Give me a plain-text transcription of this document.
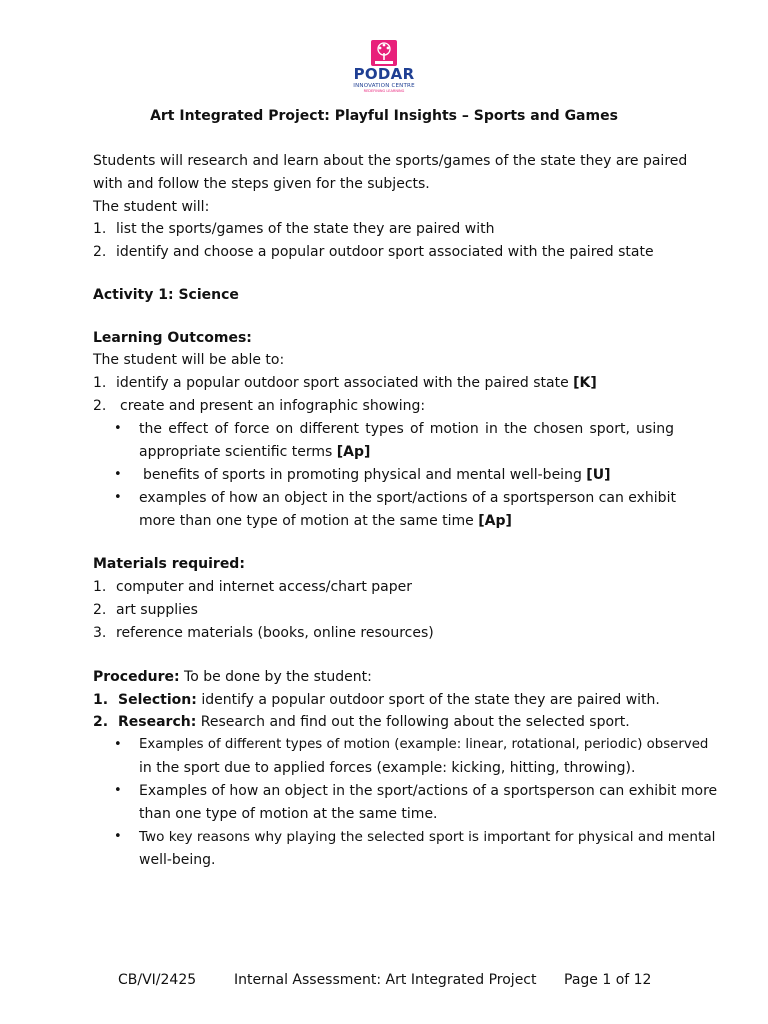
PODAR
INNOVATION CENTRE
REDEFINING LEARNING
Art Integrated Project: Playful Insights – Sports and Games
Students will research and learn about the sports/games of the state they are paired
with and follow the steps given for the subjects.
The student will:
1. list the sports/games of the state they are paired with
2. identify and choose a popular outdoor sport associated with the paired state
Activity 1: Science
Learning Outcomes:
The student will be able to:
1. identify a popular outdoor sport associated with the paired state [K]
2. create and present an infographic showing:
• the effect of force on different types of motion in the chosen sport, using
appropriate scientific terms [Ap]
• benefits of sports in promoting physical and mental well-being [U]
• examples of how an object in the sport/actions of a sportsperson can exhibit
more than one type of motion at the same time [Ap]
Materials required:
1. computer and internet access/chart paper
2. art supplies
3. reference materials (books, online resources)
Procedure: To be done by the student:
1. Selection: identify a popular outdoor sport of the state they are paired with.
2. Research: Research and find out the following about the selected sport.
• Examples of different types of motion (example: linear, rotational, periodic) observed
in the sport due to applied forces (example: kicking, hitting, throwing).
• Examples of how an object in the sport/actions of a sportsperson can exhibit more
than one type of motion at the same time.
• Two key reasons why playing the selected sport is important for physical and mental
well-being.
CB/VI/2425	Internal Assessment: Art Integrated Project Page 1 of 12
